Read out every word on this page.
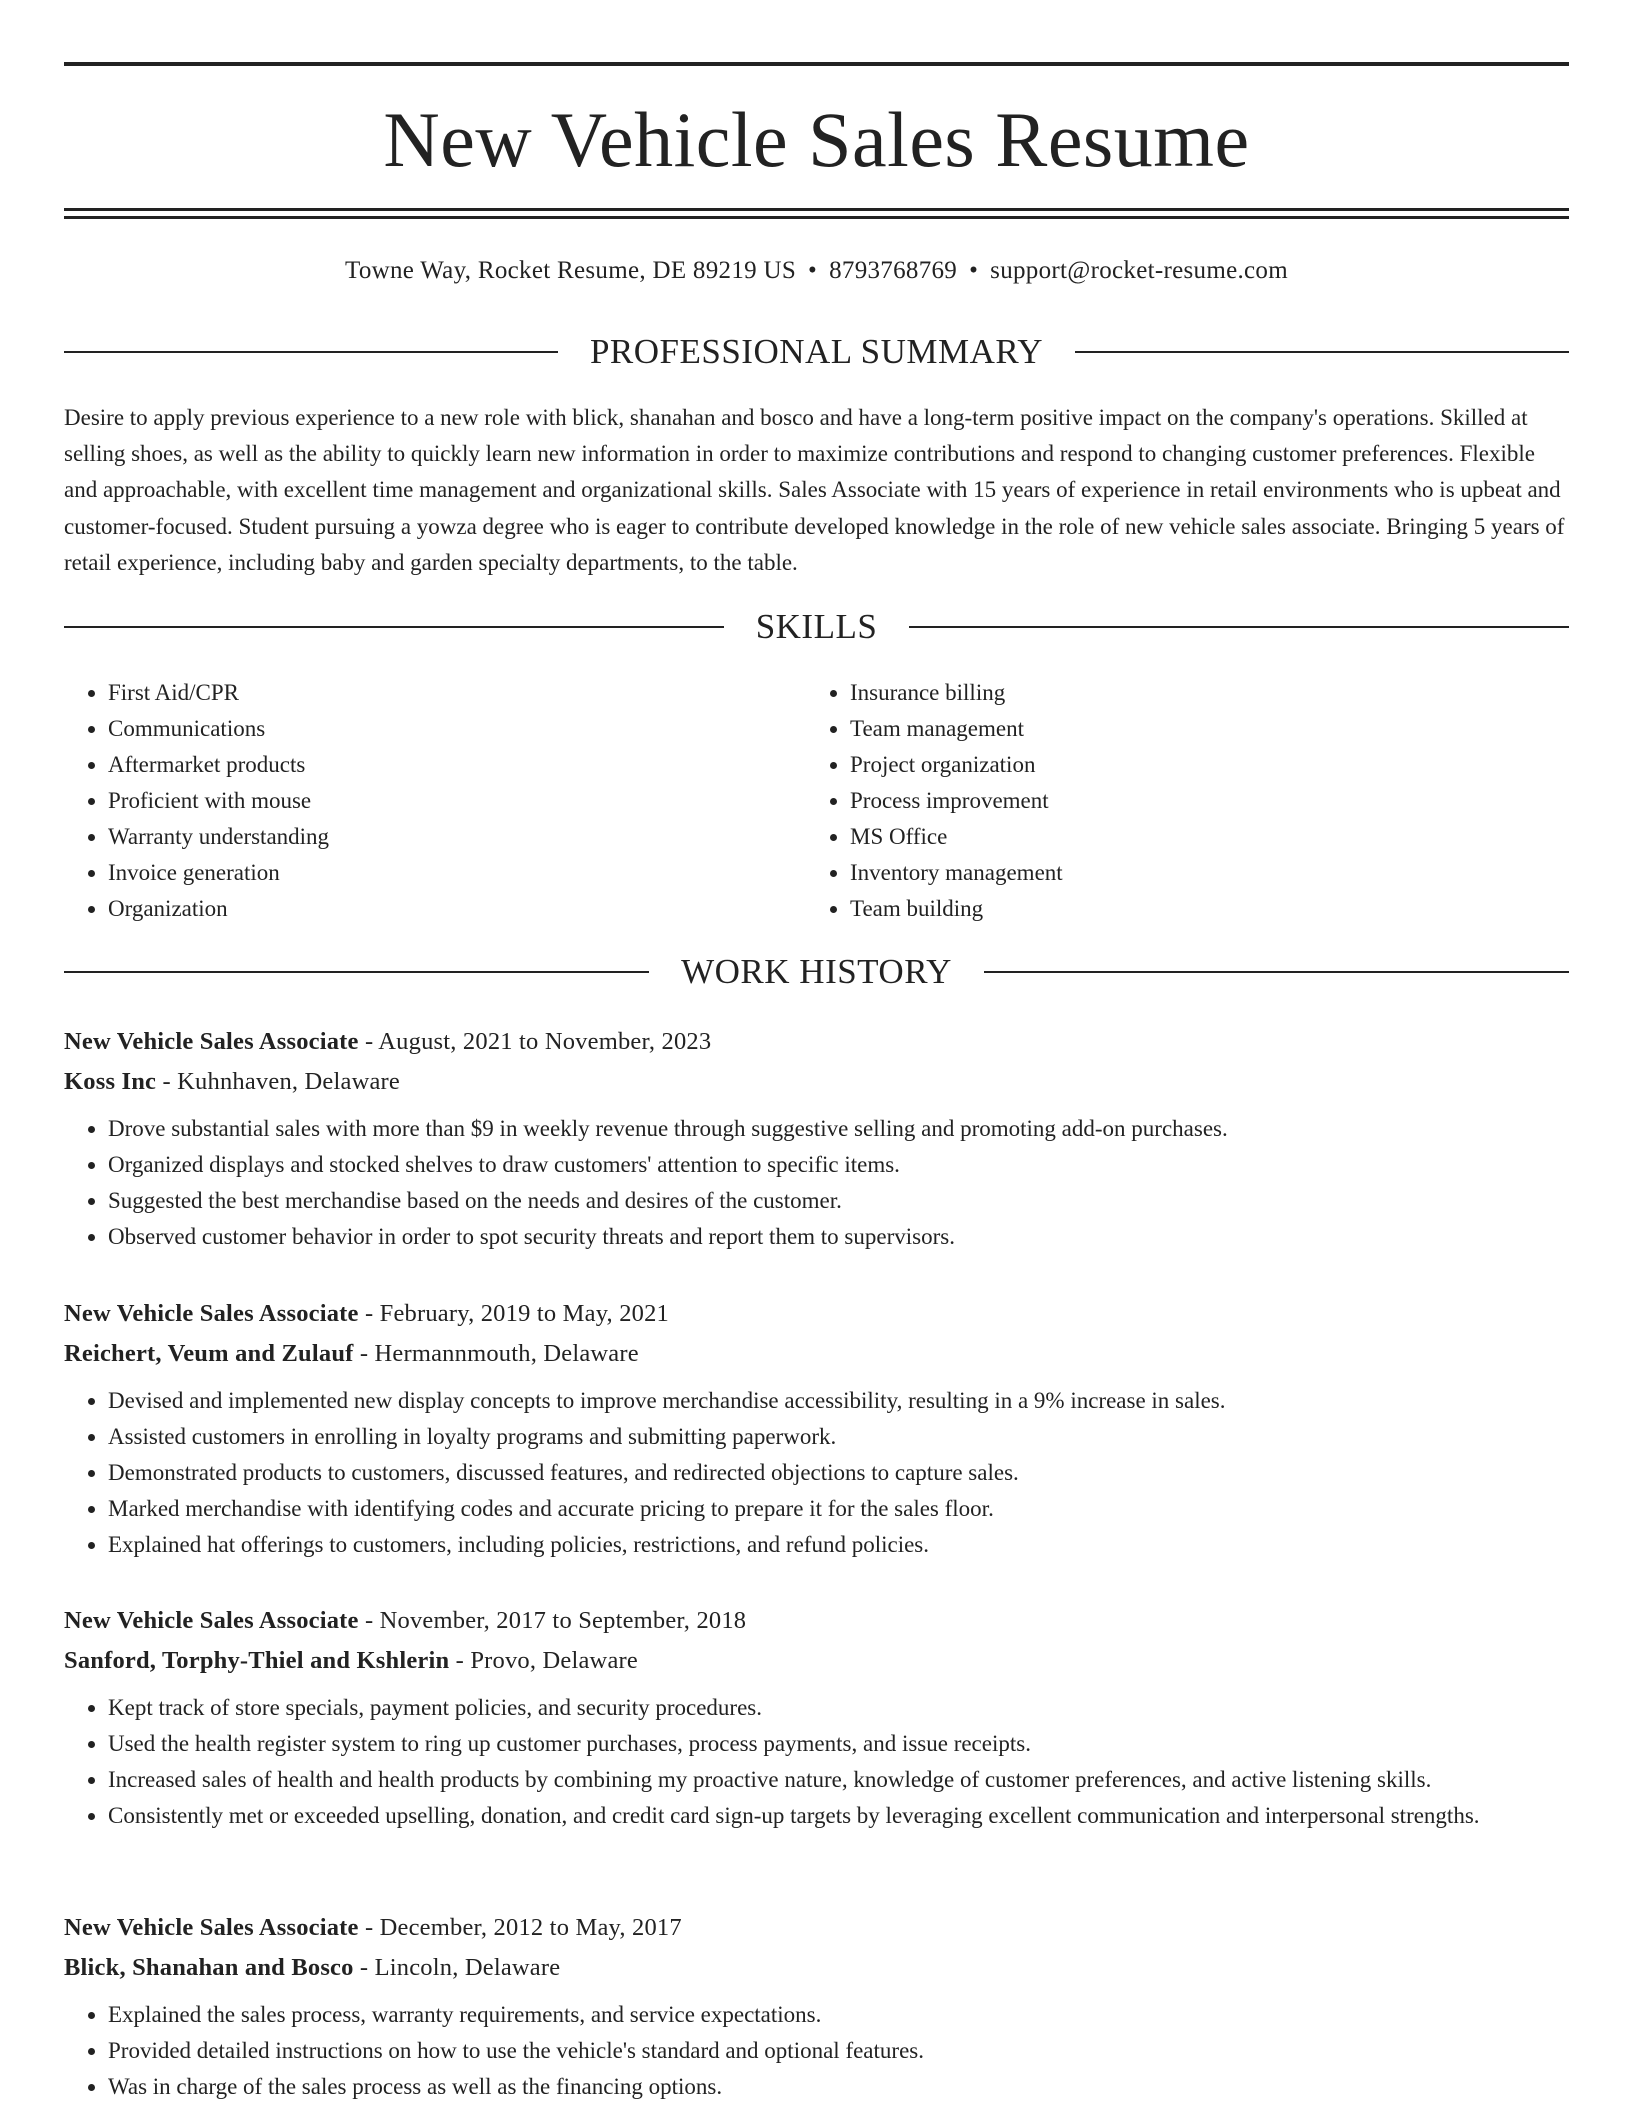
New Vehicle Sales Resume
Towne Way, Rocket Resume, DE 89219 US • 8793768769 • support@rocket-resume.com
PROFESSIONAL SUMMARY

Desire to apply previous experience to a new role with blick, shanahan and bosco and have a long-term positive impact on the company's operations. Skilled at selling shoes, as well as the ability to quickly learn new information in order to maximize contributions and respond to changing customer preferences. Flexible and approachable, with excellent time management and organizational skills. Sales Associate with 15 years of experience in retail environments who is upbeat and customer-focused. Student pursuing a yowza degree who is eager to contribute developed knowledge in the role of new vehicle sales associate. Bringing 5 years of retail experience, including baby and garden specialty departments, to the table.

SKILLS
• First Aid/CPR
• Communications
• Aftermarket products
• Proficient with mouse
• Warranty understanding
• Invoice generation
• Organization
• Insurance billing
• Team management
• Project organization
• Process improvement
• MS Office
• Inventory management
• Team building
WORK HISTORY

New Vehicle Sales Associate - August, 2021 to November, 2023

Koss Inc - Kuhnhaven, Delaware

• Drove substantial sales with more than $9 in weekly revenue through suggestive selling and promoting add-on purchases.
• Organized displays and stocked shelves to draw customers' attention to specific items.
• Suggested the best merchandise based on the needs and desires of the customer.
• Observed customer behavior in order to spot security threats and report them to supervisors.

New Vehicle Sales Associate - February, 2019 to May, 2021

Reichert, Veum and Zulauf - Hermannmouth, Delaware

• Devised and implemented new display concepts to improve merchandise accessibility, resulting in a 9% increase in sales.
• Assisted customers in enrolling in loyalty programs and submitting paperwork.
• Demonstrated products to customers, discussed features, and redirected objections to capture sales.
• Marked merchandise with identifying codes and accurate pricing to prepare it for the sales floor.
• Explained hat offerings to customers, including policies, restrictions, and refund policies.

New Vehicle Sales Associate - November, 2017 to September, 2018

Sanford, Torphy-Thiel and Kshlerin - Provo, Delaware

• Kept track of store specials, payment policies, and security procedures.
• Used the health register system to ring up customer purchases, process payments, and issue receipts.
• Increased sales of health and health products by combining my proactive nature, knowledge of customer preferences, and active listening skills.
• Consistently met or exceeded upselling, donation, and credit card sign-up targets by leveraging excellent communication and interpersonal strengths.

New Vehicle Sales Associate - December, 2012 to May, 2017

Blick, Shanahan and Bosco - Lincoln, Delaware

• Explained the sales process, warranty requirements, and service expectations.
• Provided detailed instructions on how to use the vehicle's standard and optional features.
• Was in charge of the sales process as well as the financing options.
